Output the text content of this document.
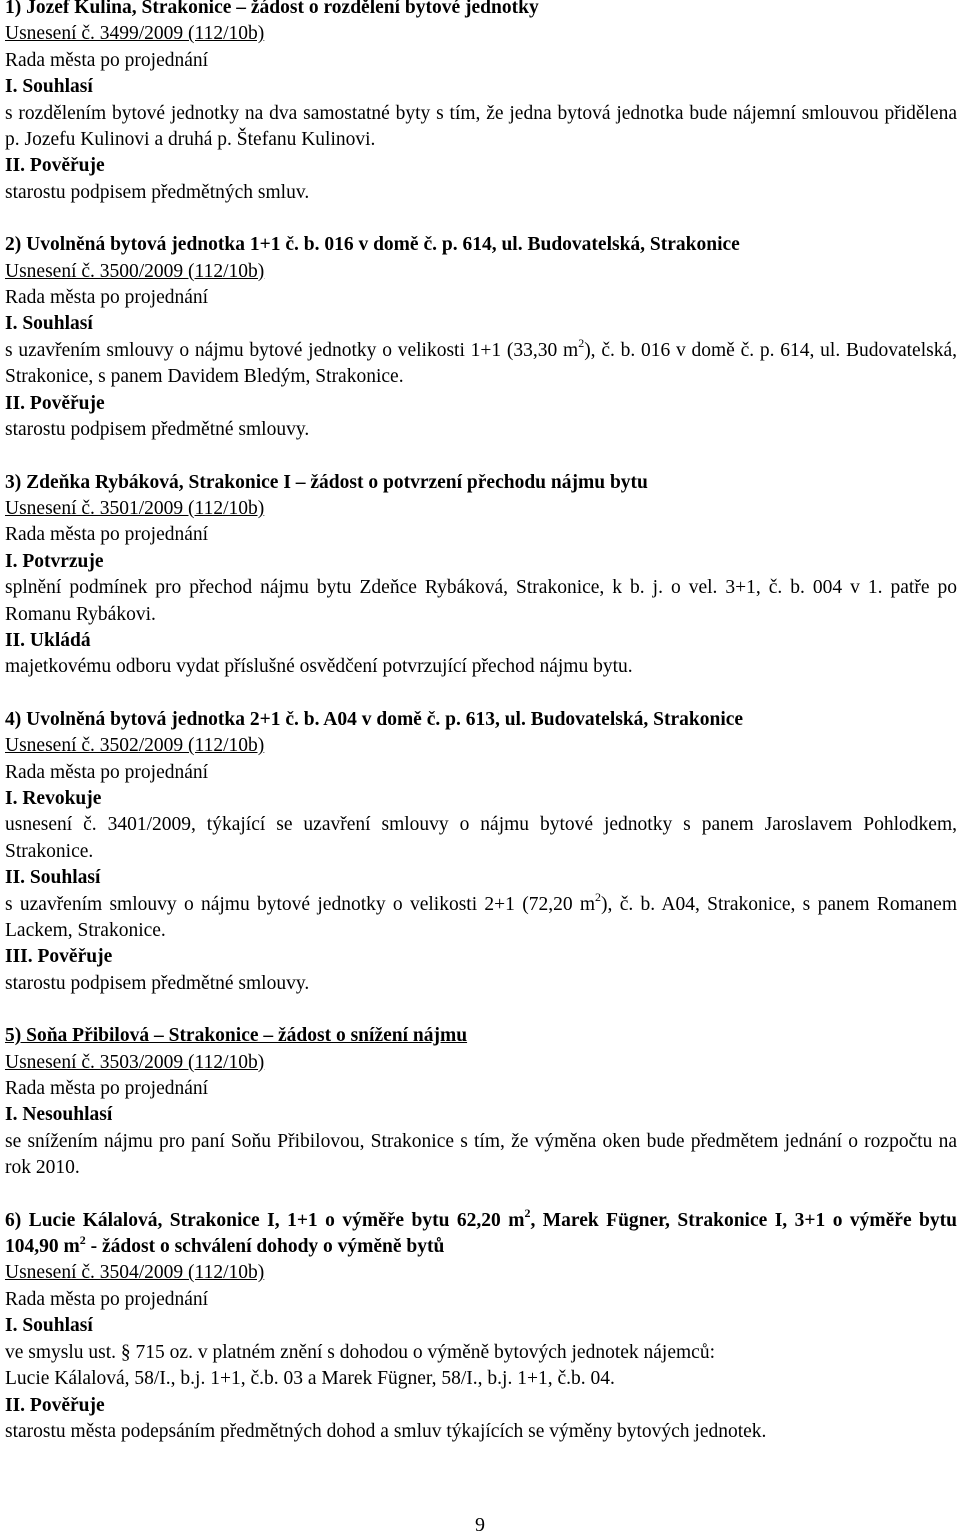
1) Jozef Kulina, Strakonice – žádost o rozdělení bytové jednotky
Usnesení č. 3499/2009 (112/10b)
Rada města po projednání
I. Souhlasí
s rozdělením bytové jednotky na dva samostatné byty s tím, že jedna bytová jednotka bude nájemní smlouvou přidělena p. Jozefu Kulinovi a druhá p. Štefanu Kulinovi.
II. Pověřuje
starostu podpisem předmětných smluv.
2) Uvolněná bytová jednotka 1+1 č. b. 016 v domě č. p. 614, ul. Budovatelská, Strakonice
Usnesení č. 3500/2009 (112/10b)
Rada města po projednání
I. Souhlasí
s uzavřením smlouvy o nájmu bytové jednotky o velikosti 1+1 (33,30 $m^2$), č. b. 016 v domě č. p. 614, ul. Budovatelská, Strakonice, s panem Davidem Bledým, Strakonice.
II. Pověřuje
starostu podpisem předmětné smlouvy.
3) Zdeňka Rybáková, Strakonice I – žádost o potvrzení přechodu nájmu bytu
Usnesení č. 3501/2009 (112/10b)
Rada města po projednání
I. Potvrzuje
splnění podmínek pro přechod nájmu bytu Zdeňce Rybáková, Strakonice, k b. j. o vel. 3+1, č. b. 004 v 1. patře po Romanu Rybákovi.
II. Ukládá
majetkovému odboru vydat příslušné osvědčení potvrzující přechod nájmu bytu.
4) Uvolněná bytová jednotka 2+1 č. b. A04 v domě č. p. 613, ul. Budovatelská, Strakonice
Usnesení č. 3502/2009 (112/10b)
Rada města po projednání
I. Revokuje
usnesení č. 3401/2009, týkající se uzavření smlouvy o nájmu bytové jednotky s panem Jaroslavem Pohlodkem, Strakonice.
II. Souhlasí
s uzavřením smlouvy o nájmu bytové jednotky o velikosti 2+1 (72,20 $m^2$), č. b. A04, Strakonice, s panem Romanem Lackem, Strakonice.
III. Pověřuje
starostu podpisem předmětné smlouvy.
5) Soňa Přibilová – Strakonice – žádost o snížení nájmu
Usnesení č. 3503/2009 (112/10b)
Rada města po projednání
I. Nesouhlasí
se snížením nájmu pro paní Soňu Přibilovou, Strakonice s tím, že výměna oken bude předmětem jednání o rozpočtu na rok 2010.
6) Lucie Kálalová, Strakonice I, 1+1 o výměře bytu 62,20 $m^2$, Marek Fügner, Strakonice I, 3+1 o výměře bytu 104,90 $m^2$ - žádost o schválení dohody o výměně bytů
Usnesení č. 3504/2009 (112/10b)
Rada města po projednání
I. Souhlasí
ve smyslu ust. § 715 oz. v platném znění s dohodou o výměně bytových jednotek nájemců:
Lucie Kálalová, 58/I., b.j. 1+1, č.b. 03 a Marek Fügner, 58/I., b.j. 1+1, č.b. 04.
II. Pověřuje
starostu města podepsáním předmětných dohod a smluv týkajících se výměny bytových jednotek.
9
